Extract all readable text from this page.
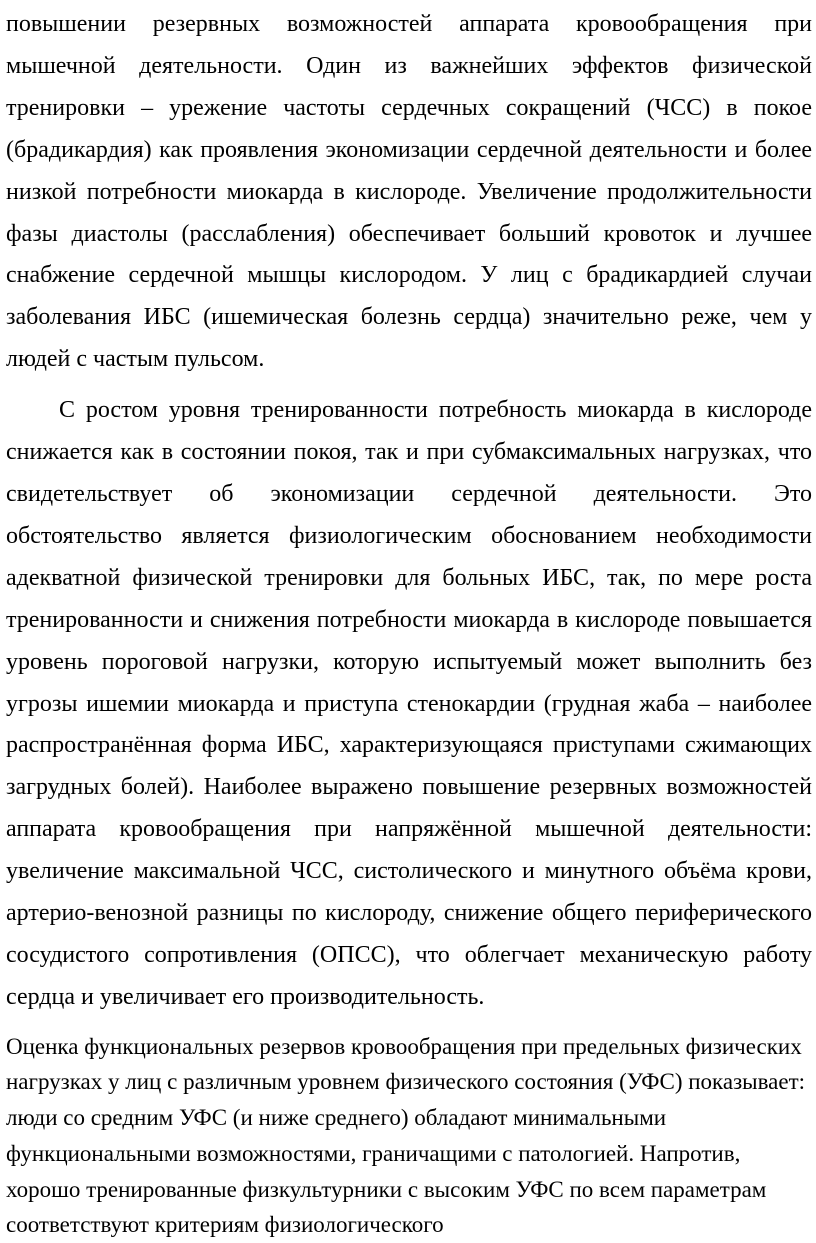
повышении резервных возможностей аппарата кровообращения при мышечной деятельности. Один из важнейших эффектов физической тренировки – урежение частоты сердечных сокращений (ЧСС) в покое (брадикардия) как проявления экономизации сердечной деятельности и более низкой потребности миокарда в кислороде. Увеличение продолжительности фазы диастолы (расслабления) обеспечивает больший кровоток и лучшее снабжение сердечной мышцы кислородом. У лиц с брадикардией случаи заболевания ИБС (ишемическая болезнь сердца) значительно реже, чем у людей с частым пульсом.

С ростом уровня тренированности потребность миокарда в кислороде снижается как в состоянии покоя, так и при субмаксимальных нагрузках, что свидетельствует об экономизации сердечной деятельности. Это обстоятельство является физиологическим обоснованием необходимости адекватной физической тренировки для больных ИБС, так, по мере роста тренированности и снижения потребности миокарда в кислороде повышается уровень пороговой нагрузки, которую испытуемый может выполнить без угрозы ишемии миокарда и приступа стенокардии (грудная жаба – наиболее распространённая форма ИБС, характеризующаяся приступами сжимающих загрудных болей). Наиболее выражено повышение резервных возможностей аппарата кровообращения при напряжённой мышечной деятельности: увеличение максимальной ЧСС, систолического и минутного объёма крови, артерио-венозной разницы по кислороду, снижение общего периферического сосудистого сопротивления (ОПСС), что облегчает механическую работу сердца и увеличивает его производительность.

Оценка функциональных резервов кровообращения при предельных физических нагрузках у лиц с различным уровнем физического состояния (УФС) показывает: люди со средним УФС (и ниже среднего) обладают минимальными функциональными возможностями, граничащими с патологией. Напротив, хорошо тренированные физкультурники с высоким УФС по всем параметрам соответствуют критериям физиологического
